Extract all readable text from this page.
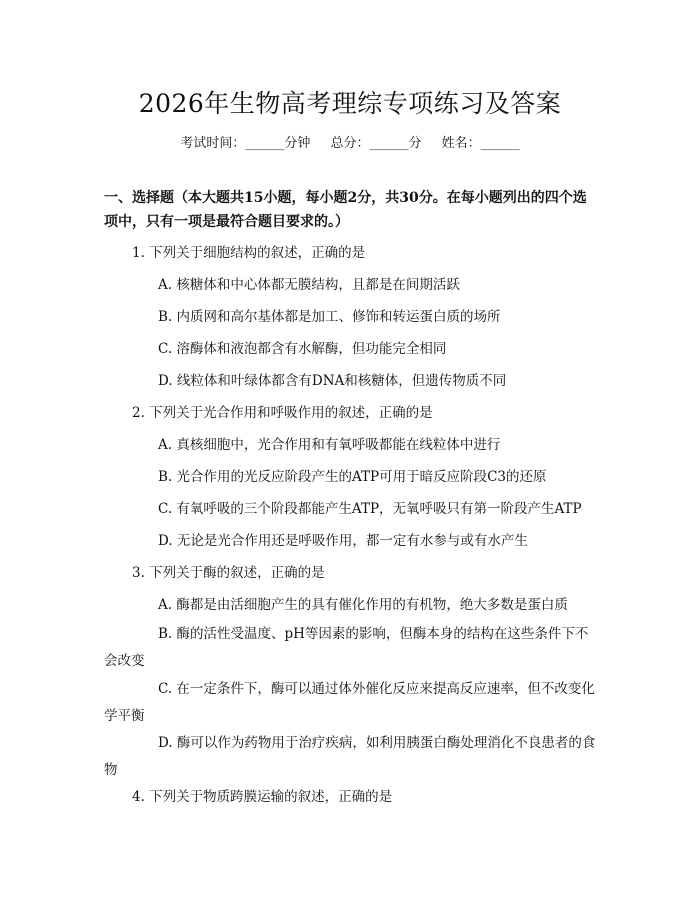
2026年生物高考理综专项练习及答案
考试时间：______分钟 总分：______分 姓名：______
一、选择题（本大题共15小题，每小题2分，共30分。在每小题列出的四个选项中，只有一项是最符合题目要求的。）
1. 下列关于细胞结构的叙述，正确的是
A. 核糖体和中心体都无膜结构，且都是在间期活跃
B. 内质网和高尔基体都是加工、修饰和转运蛋白质的场所
C. 溶酶体和液泡都含有水解酶，但功能完全相同
D. 线粒体和叶绿体都含有DNA和核糖体，但遗传物质不同
2. 下列关于光合作用和呼吸作用的叙述，正确的是
A. 真核细胞中，光合作用和有氧呼吸都能在线粒体中进行
B. 光合作用的光反应阶段产生的ATP可用于暗反应阶段C3的还原
C. 有氧呼吸的三个阶段都能产生ATP，无氧呼吸只有第一阶段产生ATP
D. 无论是光合作用还是呼吸作用，都一定有水参与或有水产生
3. 下列关于酶的叙述，正确的是
A. 酶都是由活细胞产生的具有催化作用的有机物，绝大多数是蛋白质
B. 酶的活性受温度、pH等因素的影响，但酶本身的结构在这些条件下不会改变
C. 在一定条件下，酶可以通过体外催化反应来提高反应速率，但不改变化学平衡
D. 酶可以作为药物用于治疗疾病，如利用胰蛋白酶处理消化不良患者的食物
4. 下列关于物质跨膜运输的叙述，正确的是
